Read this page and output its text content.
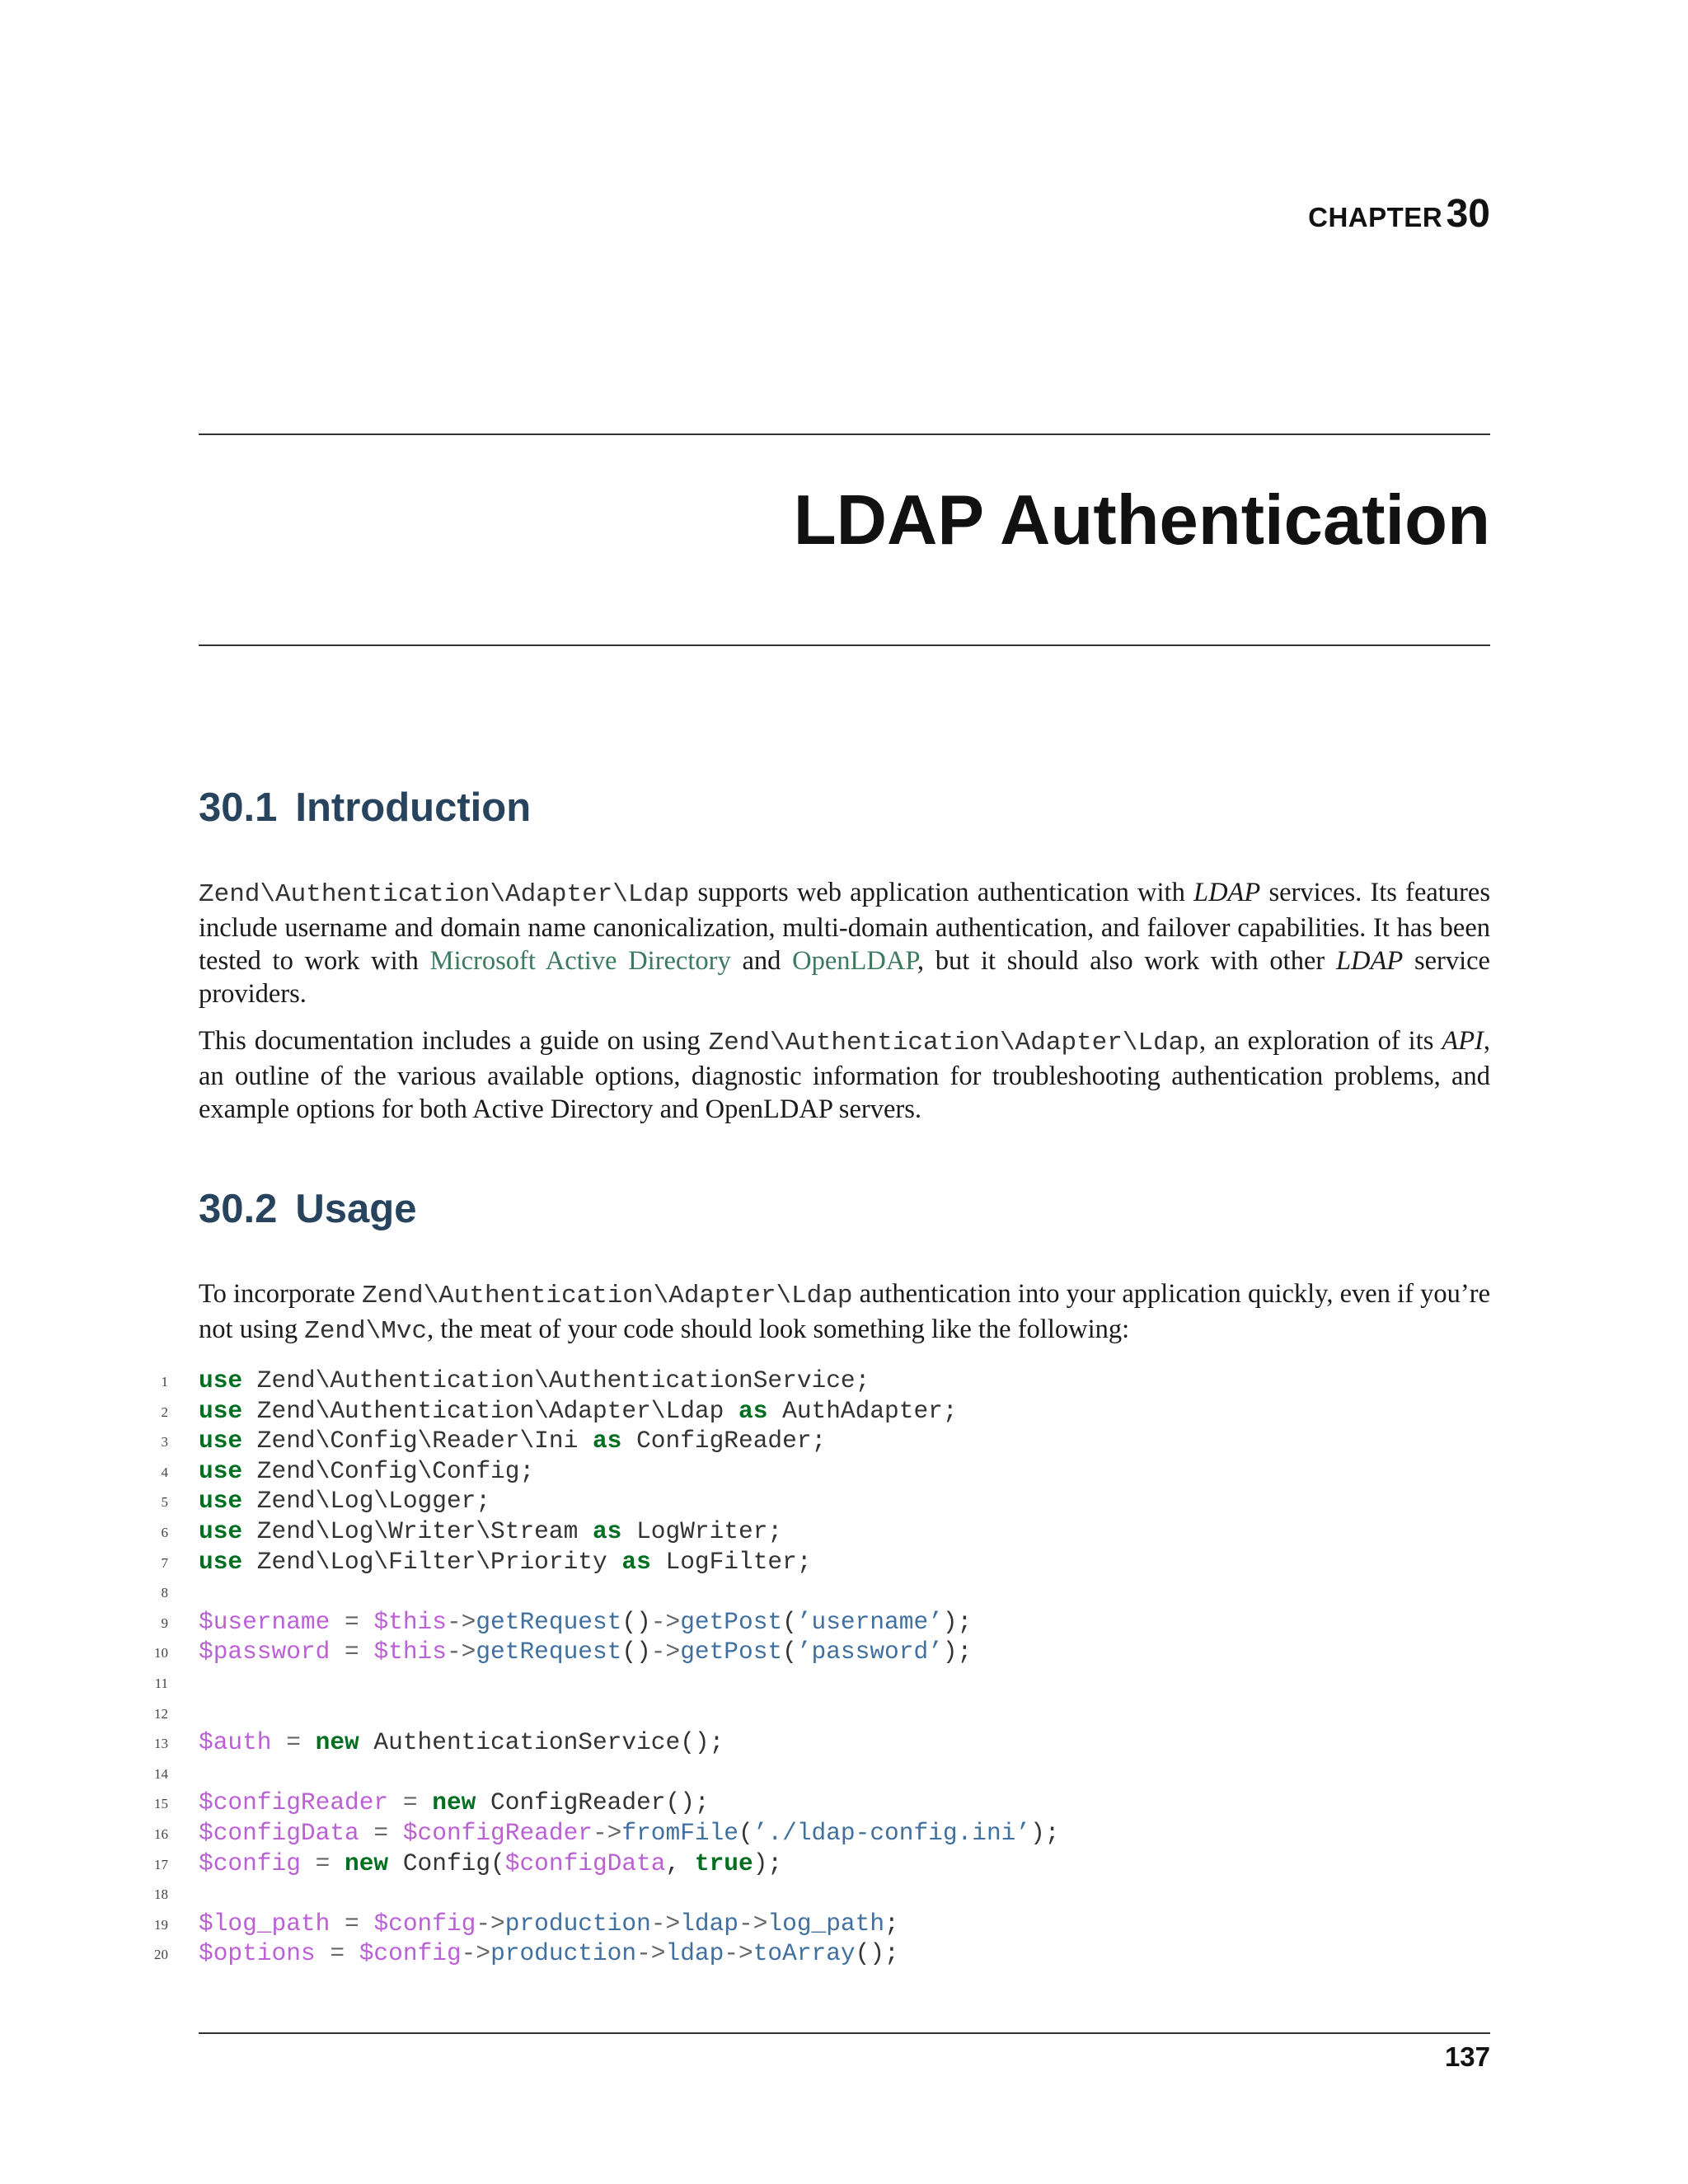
CHAPTER 30
LDAP Authentication
30.1 Introduction
Zend\Authentication\Adapter\Ldap supports web application authentication with LDAP services. Its features include username and domain name canonicalization, multi-domain authentication, and failover capabilities. It has been tested to work with Microsoft Active Directory and OpenLDAP, but it should also work with other LDAP service providers.
This documentation includes a guide on using Zend\Authentication\Adapter\Ldap, an exploration of its API, an outline of the various available options, diagnostic information for troubleshooting authentication problems, and example options for both Active Directory and OpenLDAP servers.
30.2 Usage
To incorporate Zend\Authentication\Adapter\Ldap authentication into your application quickly, even if you’re not using Zend\Mvc, the meat of your code should look something like the following:
1 use Zend\Authentication\AuthenticationService;
2 use Zend\Authentication\Adapter\Ldap as AuthAdapter;
3 use Zend\Config\Reader\Ini as ConfigReader;
4 use Zend\Config\Config;
5 use Zend\Log\Logger;
6 use Zend\Log\Writer\Stream as LogWriter;
7 use Zend\Log\Filter\Priority as LogFilter;
8
9 $username = $this->getRequest()->getPost(’username’);
10 $password = $this->getRequest()->getPost(’password’);
11
12
13 $auth = new AuthenticationService();
14
15 $configReader = new ConfigReader();
16 $configData = $configReader->fromFile(’./ldap-config.ini’);
17 $config = new Config($configData, true);
18
19 $log_path = $config->production->ldap->log_path;
20 $options = $config->production->ldap->toArray();
137
